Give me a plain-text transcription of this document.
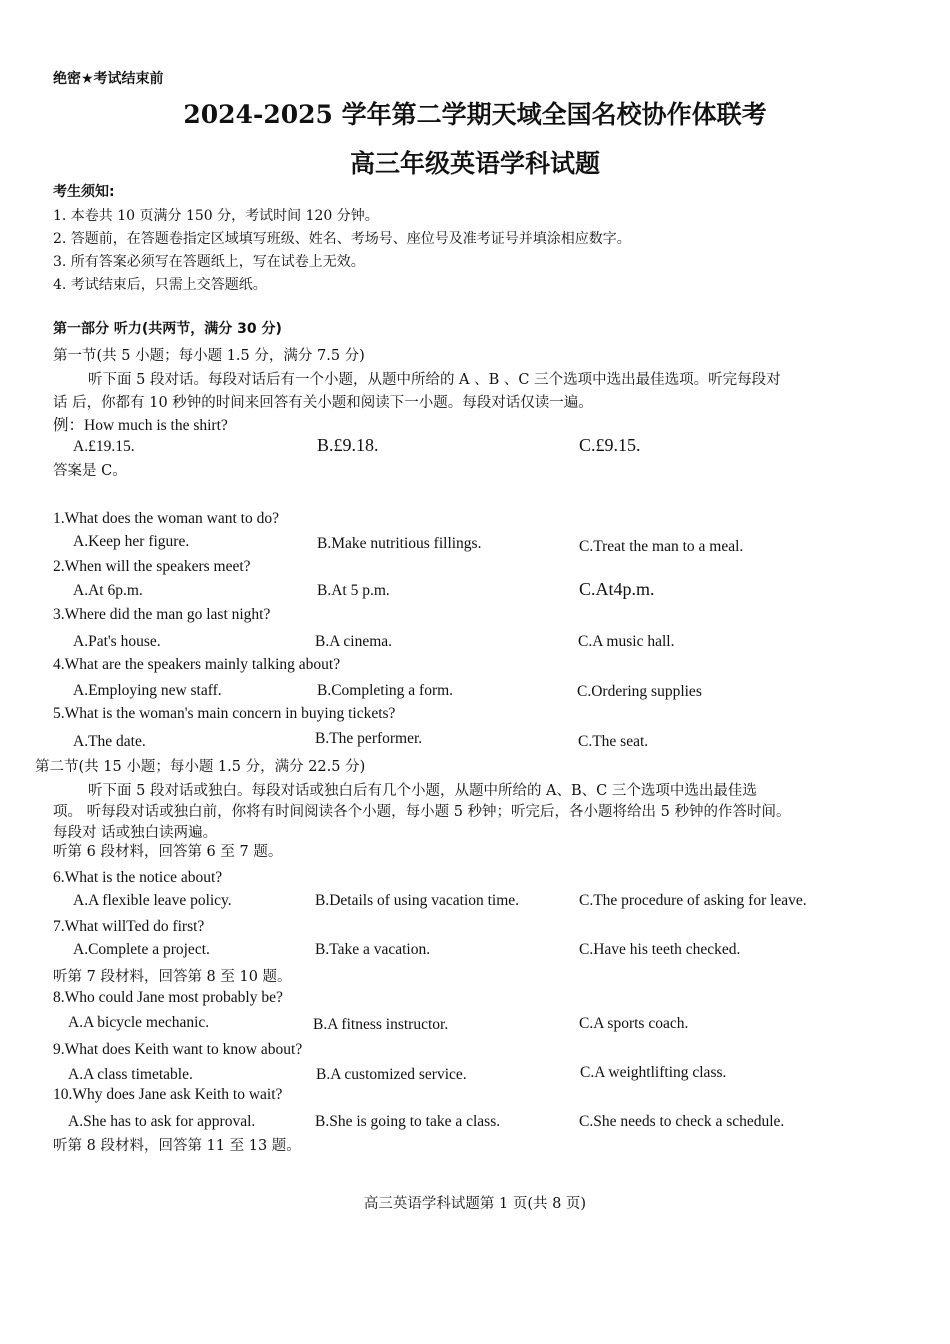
绝密★考试结束前
2024-2025 学年第二学期天域全国名校协作体联考
高三年级英语学科试题
考生须知:
1. 本卷共 10 页满分 150 分，考试时间 120 分钟。
2. 答题前，在答题卷指定区域填写班级、姓名、考场号、座位号及准考证号并填涂相应数字。
3. 所有答案必须写在答题纸上，写在试卷上无效。
4. 考试结束后，只需上交答题纸。
第一部分 听力(共两节，满分 30 分)
第一节(共 5 小题；每小题 1.5 分，满分 7.5 分)
听下面 5 段对话。每段对话后有一个小题，从题中所给的 A 、B 、C 三个选项中选出最佳选项。听完每段对
话 后，你都有 10 秒钟的时间来回答有关小题和阅读下一小题。每段对话仅读一遍。
例：How much is the shirt?
A.£19.15.	B.£9.18.	C.£9.15.
答案是 C。
1.What does the woman want to do?
A.Keep her figure.	B.Make nutritious fillings.	C.Treat the man to a meal.
2.When will the speakers meet?
A.At 6p.m.	B.At 5 p.m.	C.At4p.m.
3.Where did the man go last night?
A.Pat's house.	B.A cinema.	C.A music hall.
4.What are the speakers mainly talking about?
A.Employing new staff.	B.Completing a form.	C.Ordering supplies
5.What is the woman's main concern in buying tickets?
A.The date.	B.The performer.	C.The seat.
第二节(共 15 小题；每小题 1.5 分，满分 22.5 分)
听下面 5 段对话或独白。每段对话或独白后有几个小题，从题中所给的 A、B、C 三个选项中选出最佳选
项。 听每段对话或独白前，你将有时间阅读各个小题，每小题 5 秒钟；听完后，各小题将给出 5 秒钟的作答时间。
每段对 话或独白读两遍。
听第 6 段材料，回答第 6 至 7 题。
6.What is the notice about?
A.A flexible leave policy.	B.Details of using vacation time.	C.The procedure of asking for leave.
7.What willTed do first?
A.Complete a project.	B.Take a vacation.	C.Have his teeth checked.
听第 7 段材料，回答第 8 至 10 题。
8.Who could Jane most probably be?
A.A bicycle mechanic.	B.A fitness instructor.	C.A sports coach.
9.What does Keith want to know about?
A.A class timetable.	B.A customized service.	C.A weightlifting class.
10.Why does Jane ask Keith to wait?
A.She has to ask for approval.	B.She is going to take a class.	C.She needs to check a schedule.
听第 8 段材料，回答第 11 至 13 题。
高三英语学科试题第 1 页(共 8 页)
